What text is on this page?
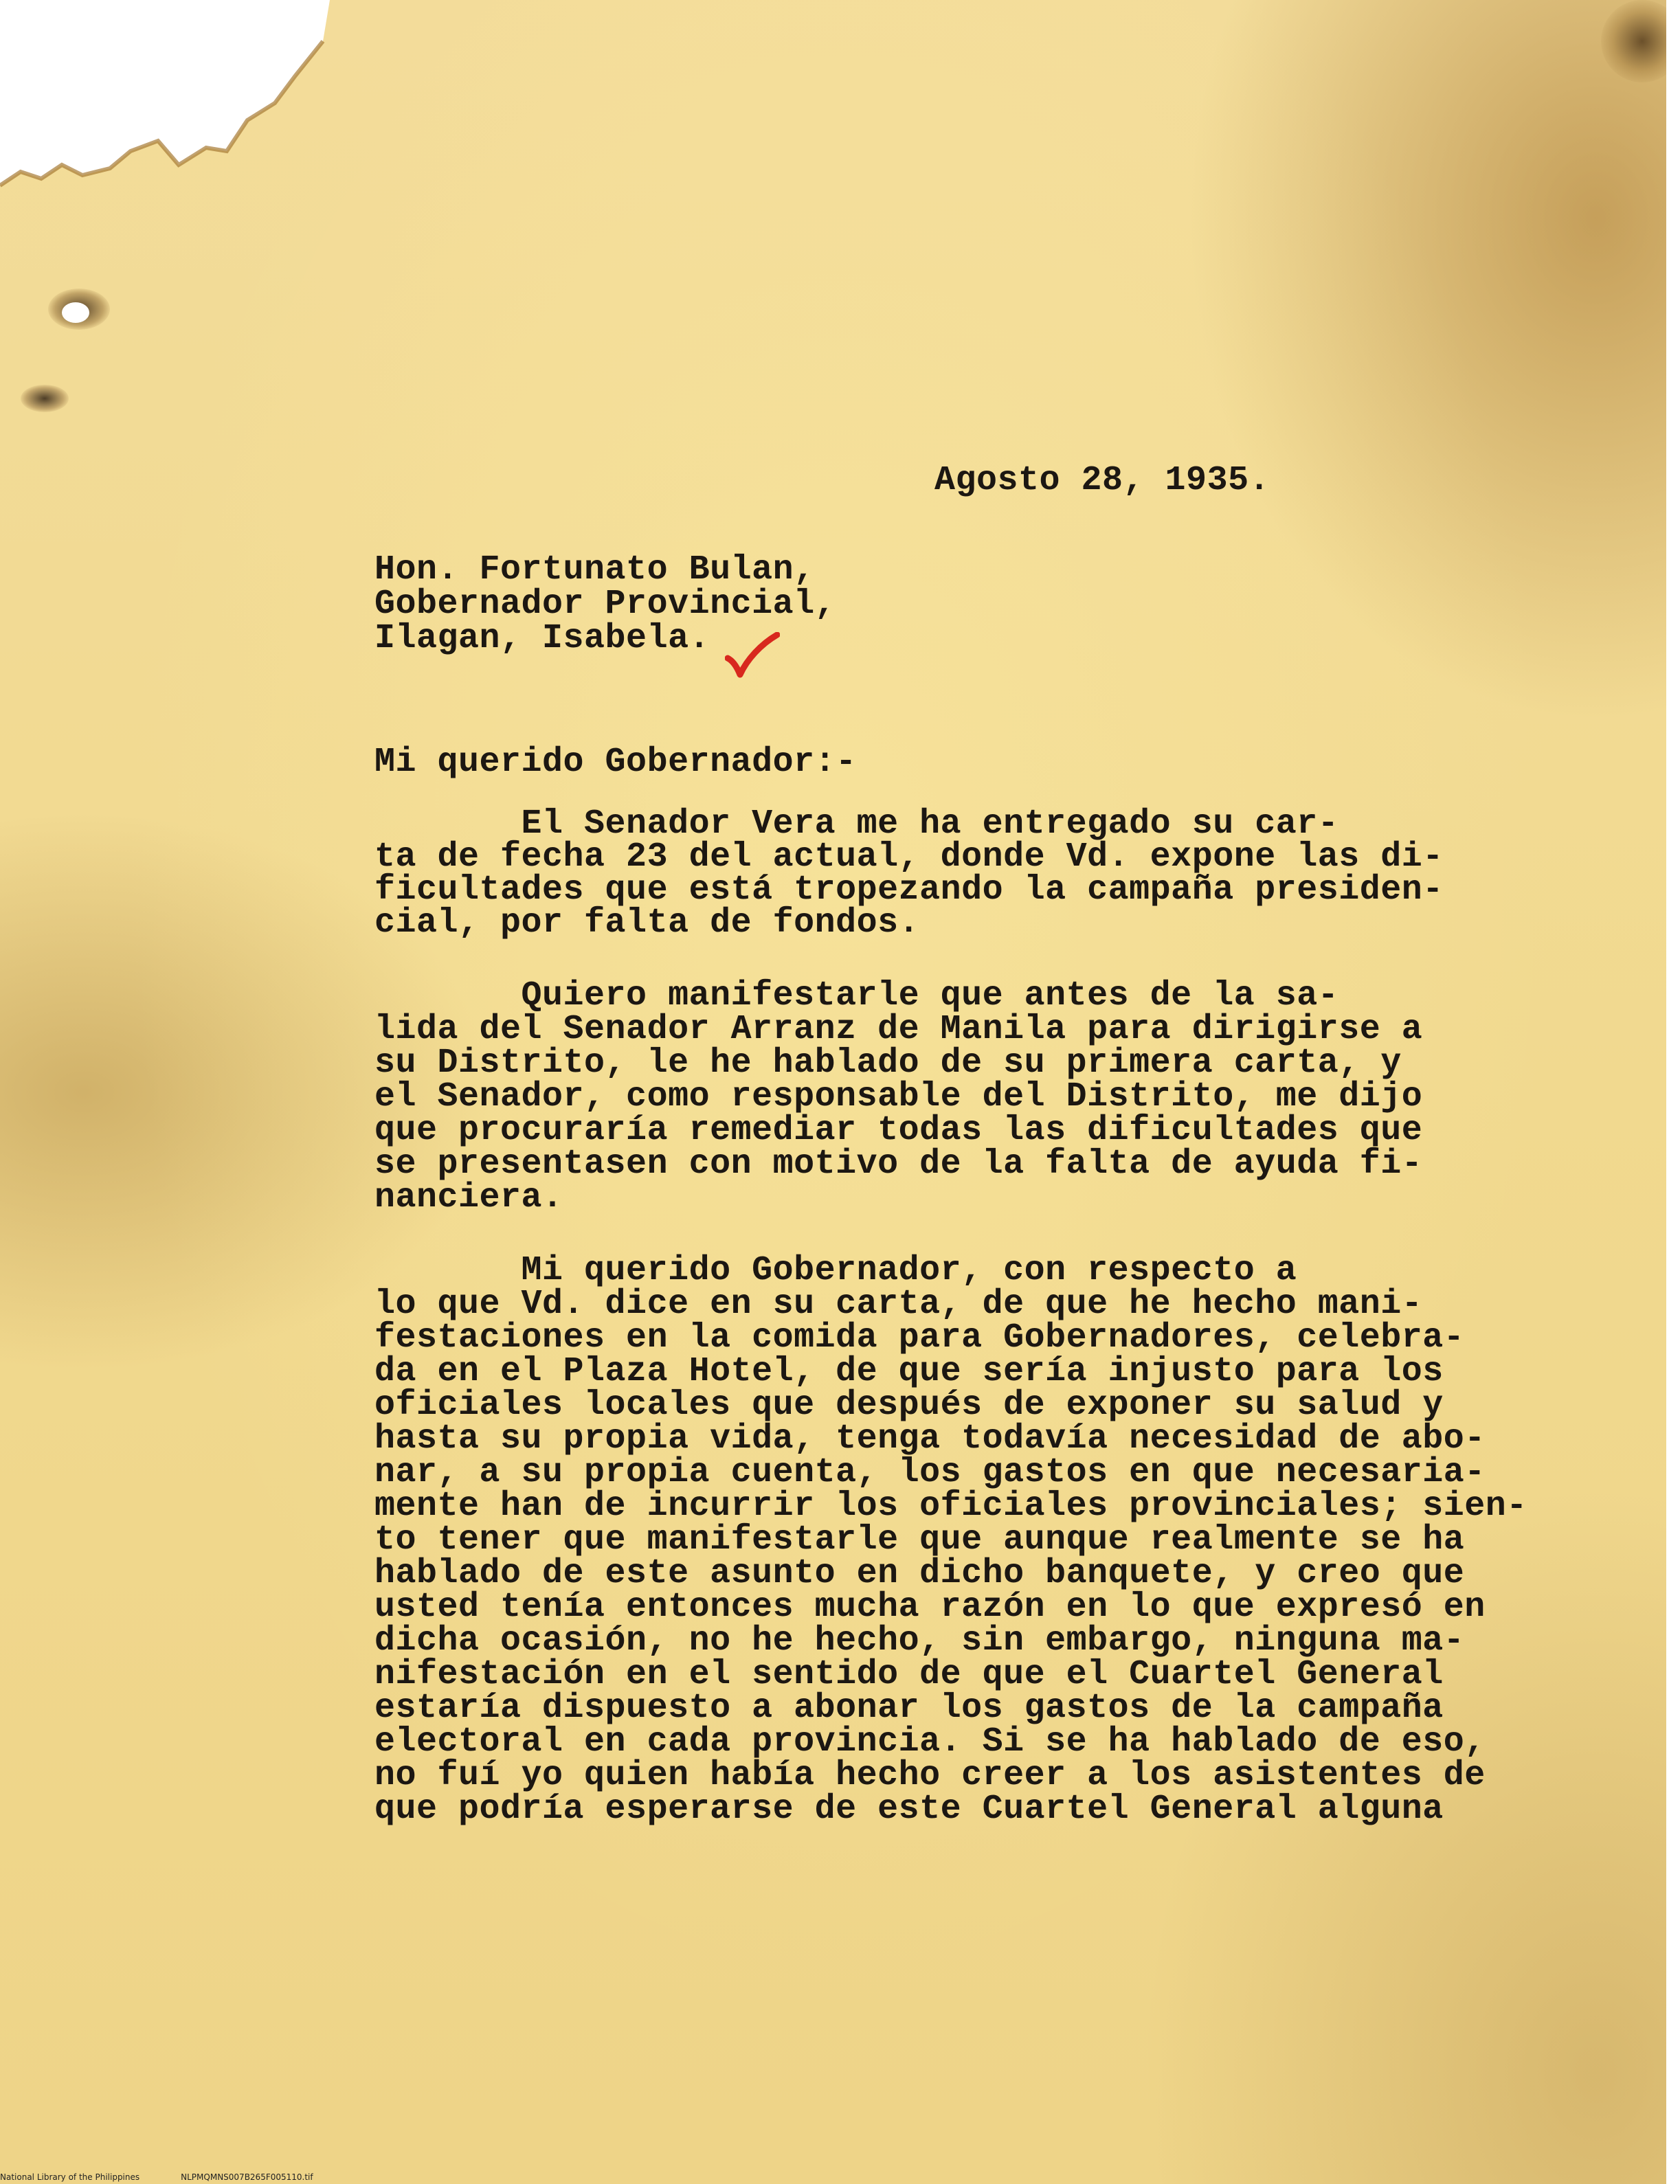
Agosto 28, 1935.
Hon. Fortunato Bulan,
Gobernador Provincial,
Ilagan, Isabela.
Mi querido Gobernador:-
El Senador Vera me ha entregado su car-
ta de fecha 23 del actual, donde Vd. expone las di-
ficultades que está tropezando la campaña presiden-
cial, por falta de fondos.
Quiero manifestarle que antes de la sa-
lida del Senador Arranz de Manila para dirigirse a
su Distrito, le he hablado de su primera carta, y
el Senador, como responsable del Distrito, me dijo
que procuraría remediar todas las dificultades que
se presentasen con motivo de la falta de ayuda fi-
nanciera.
Mi querido Gobernador, con respecto a
lo que Vd. dice en su carta, de que he hecho mani-
festaciones en la comida para Gobernadores, celebra-
da en el Plaza Hotel, de que sería injusto para los
oficiales locales que después de exponer su salud y
hasta su propia vida, tenga todavía necesidad de abo-
nar, a su propia cuenta, los gastos en que necesaria-
mente han de incurrir los oficiales provinciales; sien-
to tener que manifestarle que aunque realmente se ha
hablado de este asunto en dicho banquete, y creo que
usted tenía entonces mucha razón en lo que expresó en
dicha ocasión, no he hecho, sin embargo, ninguna ma-
nifestación en el sentido de que el Cuartel General
estaría dispuesto a abonar los gastos de la campaña
electoral en cada provincia. Si se ha hablado de eso,
no fuí yo quien había hecho creer a los asistentes de
que podría esperarse de este Cuartel General alguna
National Library of the Philippines	NLPMQMNS007B265F005110.tif
